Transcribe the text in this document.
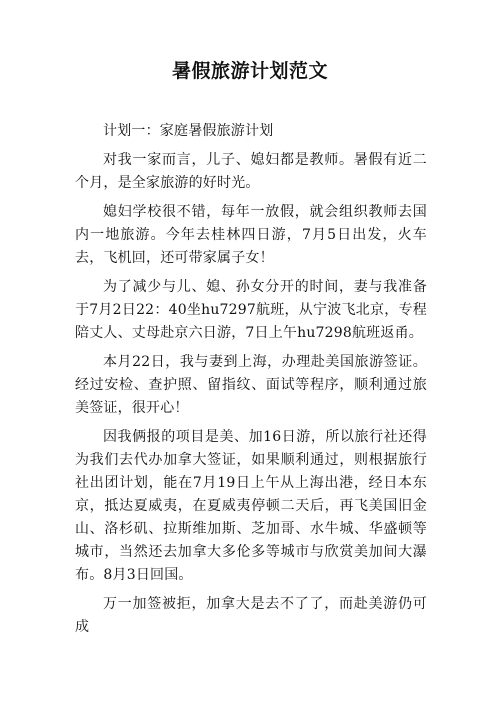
暑假旅游计划范文

计划一：家庭暑假旅游计划

对我一家而言，儿子、媳妇都是教师。暑假有近二个月，是全家旅游的好时光。

媳妇学校很不错，每年一放假，就会组织教师去国内一地旅游。今年去桂林四日游，7月5日出发，火车去，飞机回，还可带家属子女！

为了减少与儿、媳、孙女分开的时间，妻与我准备于7月2日22：40坐hu7297航班，从宁波飞北京，专程陪丈人、丈母赴京六日游，7日上午hu7298航班返甬。

本月22日，我与妻到上海，办理赴美国旅游签证。经过安检、查护照、留指纹、面试等程序，顺利通过旅美签证，很开心！

因我俩报的项目是美、加16日游，所以旅行社还得为我们去代办加拿大签证，如果顺利通过，则根据旅行社出团计划，能在7月19日上午从上海出港，经日本东京，抵达夏威夷，在夏威夷停顿二天后，再飞美国旧金山、洛杉矶、拉斯维加斯、芝加哥、水牛城、华盛顿等城市，当然还去加拿大多伦多等城市与欣赏美加间大瀑布。8月3日回国。

万一加签被拒，加拿大是去不了了，而赴美游仍可成
